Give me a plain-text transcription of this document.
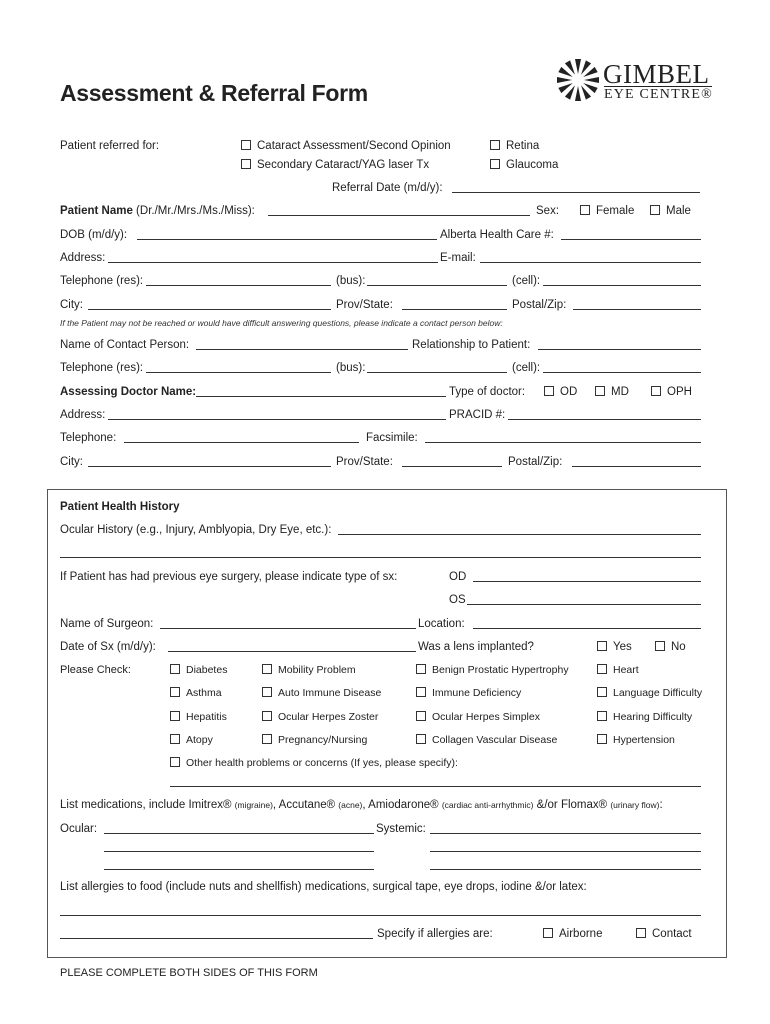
Assessment & Referral Form
GIMBEL
EYE CENTRE®
Patient referred for:	Cataract Assessment/Second Opinion
Secondary Cataract/YAG laser Tx
Retina
Glaucoma
Referral Date (m/d/y):
Patient Name (Dr./Mr./Mrs./Ms./Miss):	Sex:	Female	Male
DOB (m/d/y):	Alberta Health Care #:
Address:	E-mail:
Telephone (res):	(bus):	(cell):
City:	Prov/State:	Postal/Zip:
If the Patient may not be reached or would have difficult answering questions, please indicate a contact person below:
Name of Contact Person:	Relationship to Patient:
Telephone (res):	(bus):	(cell):
Assessing Doctor Name:	Type of doctor:	OD	MD	OPH
Address:	PRACID #:
Telephone:	Facsimile:
City:	Prov/State:	Postal/Zip:
Patient Health History
Ocular History (e.g., Injury, Amblyopia, Dry Eye, etc.):
If Patient has had previous eye surgery, please indicate type of sx:	OD
OS
Name of Surgeon:	Location:
Date of Sx (m/d/y):	Was a lens implanted?	Yes	No
Please Check:	Diabetes	Mobility Problem	Benign Prostatic Hypertrophy	Heart
Asthma	Auto Immune Disease	Immune Deficiency	Language Difficulty
Hepatitis	Ocular Herpes Zoster	Ocular Herpes Simplex	Hearing Difficulty
Atopy	Pregnancy/Nursing	Collagen Vascular Disease	Hypertension
Other health problems or concerns (If yes, please specify):
List medications, include Imitrex® (migraine), Accutane® (acne), Amiodarone® (cardiac anti-arrhythmic) &/or Flomax® (urinary flow):
Ocular:	Systemic:
List allergies to food (include nuts and shellfish) medications, surgical tape, eye drops, iodine &/or latex:
Specify if allergies are:	Airborne	Contact
PLEASE COMPLETE BOTH SIDES OF THIS FORM
